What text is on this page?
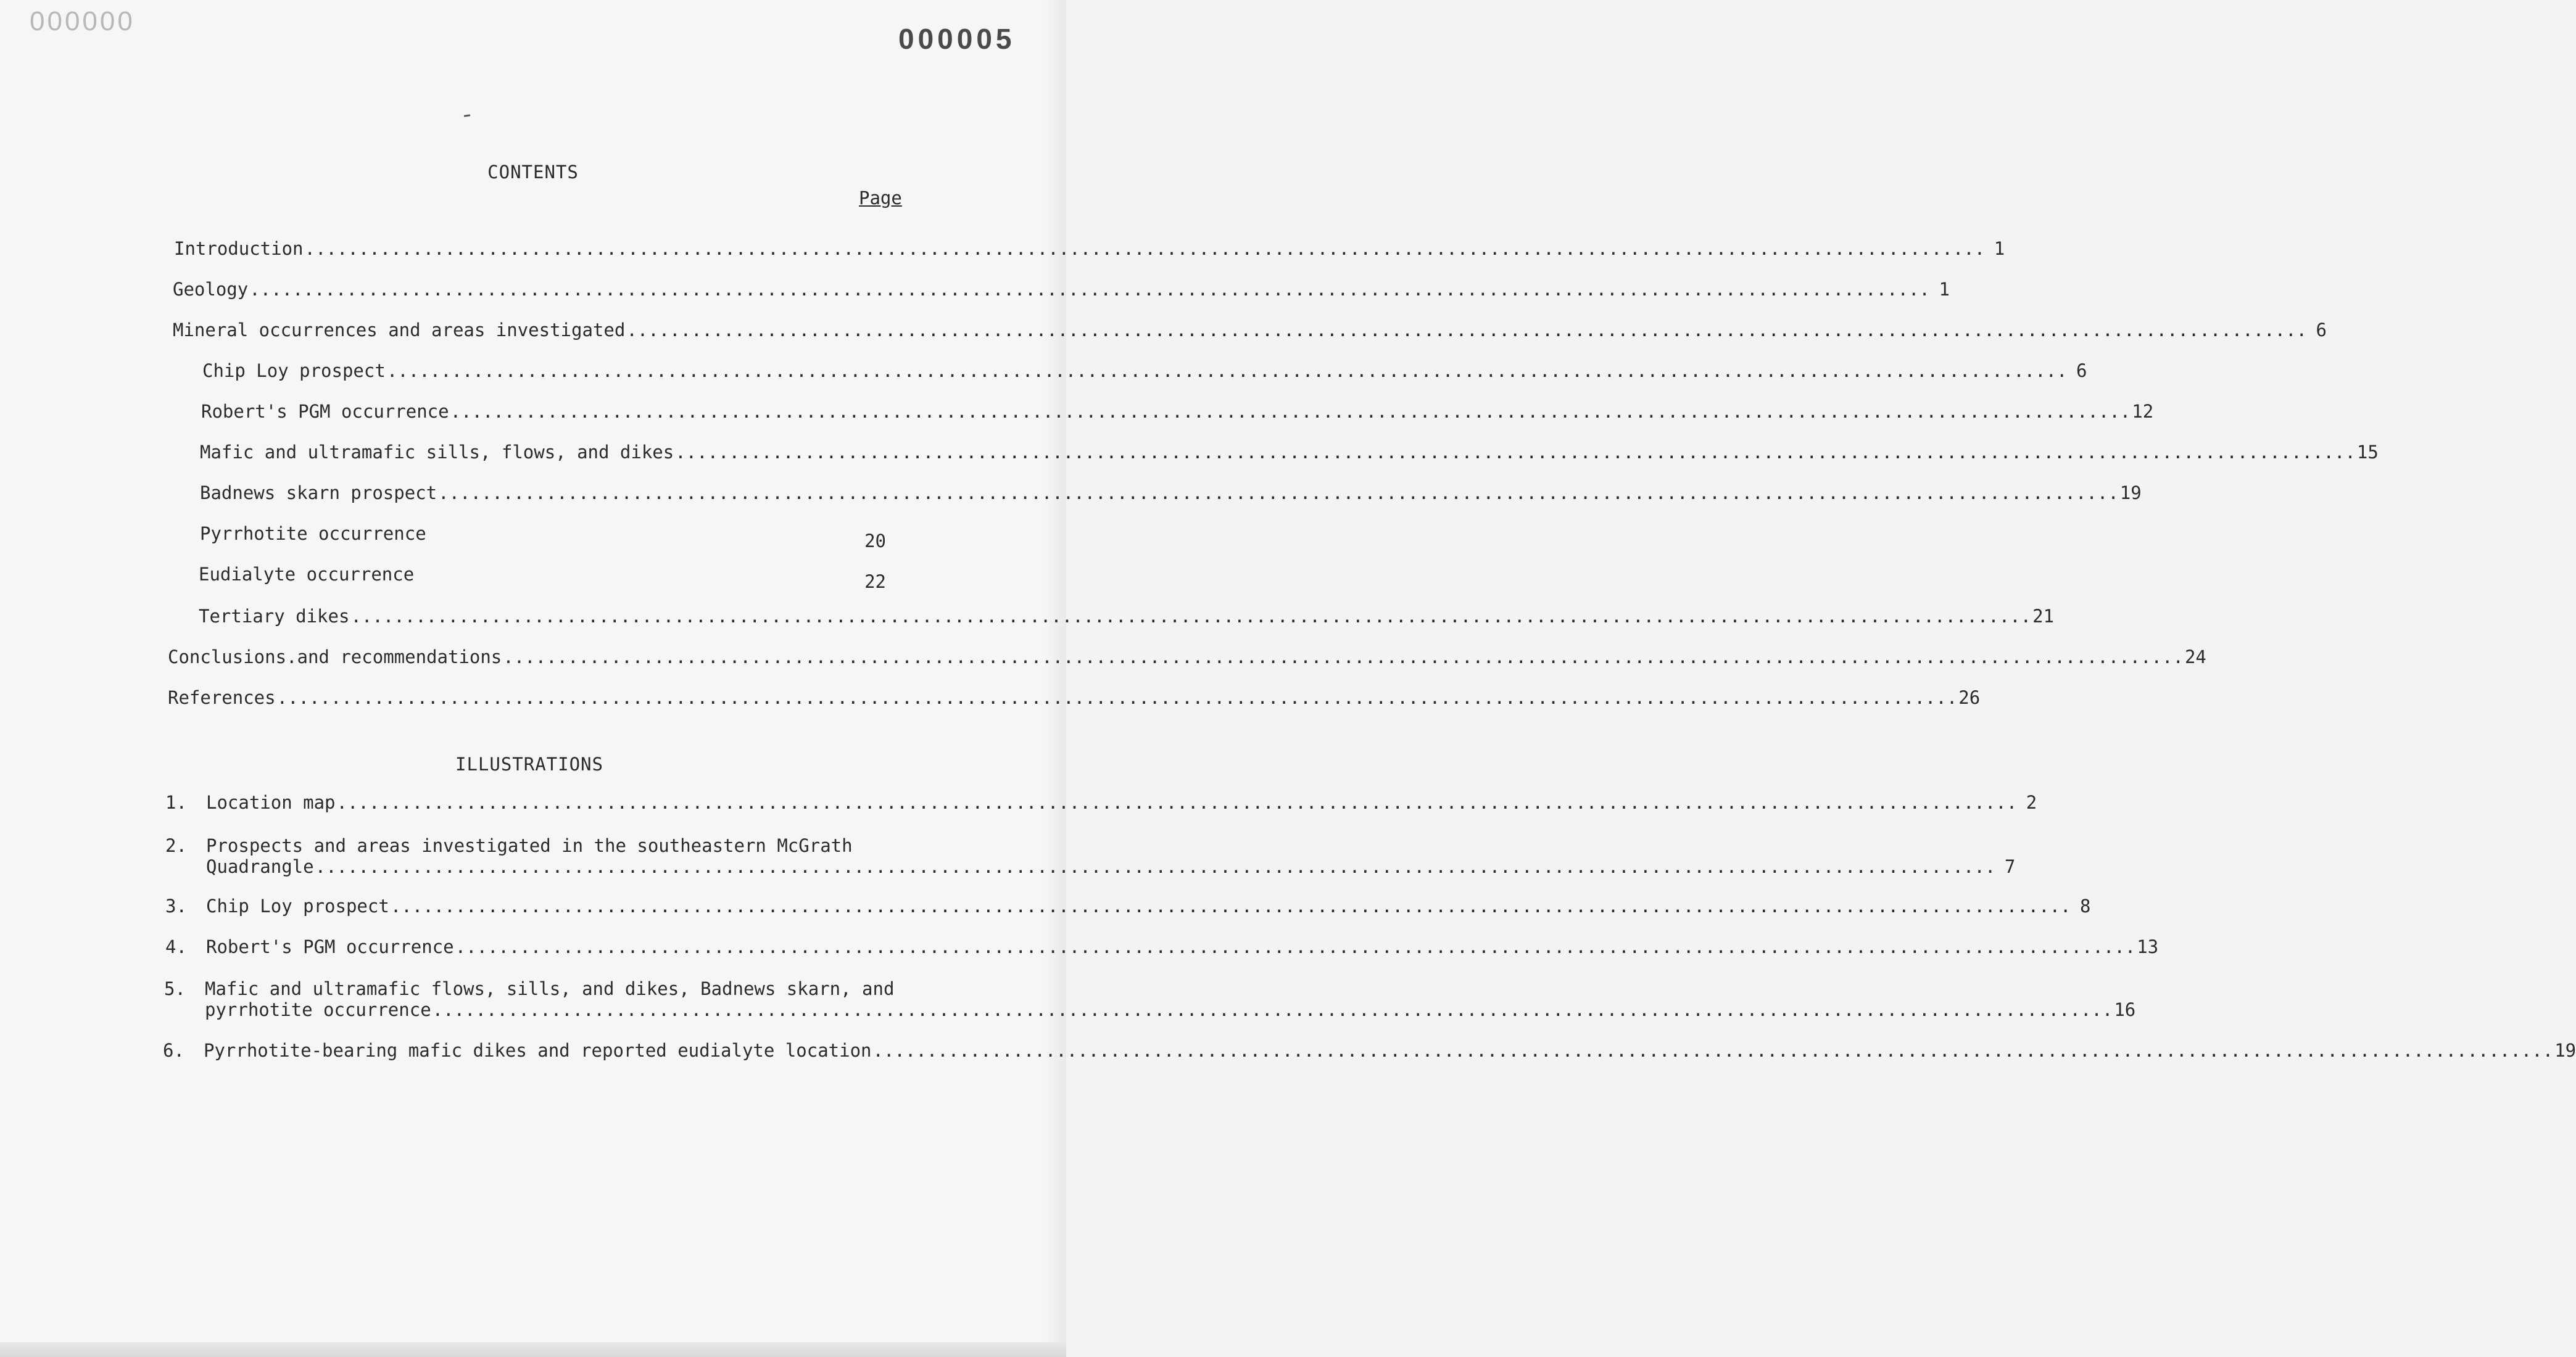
000000
000005
CONTENTS
Page
Introduction .....	1
Geology .....	1
Mineral occurrences and areas investigated .....	6
Chip Loy prospect .....	6
Robert's PGM occurrence .....	12
Mafic and ultramafic sills, flows, and dikes .....	15
Badnews skarn prospect .....	19
Pyrrhotite occurrence	20
Eudialyte occurrence	22
Tertiary dikes .....	21
Conclusions.and recommendations .....	24
References .....	26
ILLUSTRATIONS
1.	Location map .....	2
2.	Prospects and areas investigated in the southeastern McGrath
Quadrangle .....	7
3.	Chip Loy prospect .....	8
4.	Robert's PGM occurrence .....	13
5.	Mafic and ultramafic flows, sills, and dikes, Badnews skarn, and
pyrrhotite occurrence .....	16
6.	Pyrrhotite-bearing mafic dikes and reported eudialyte location .....	19
